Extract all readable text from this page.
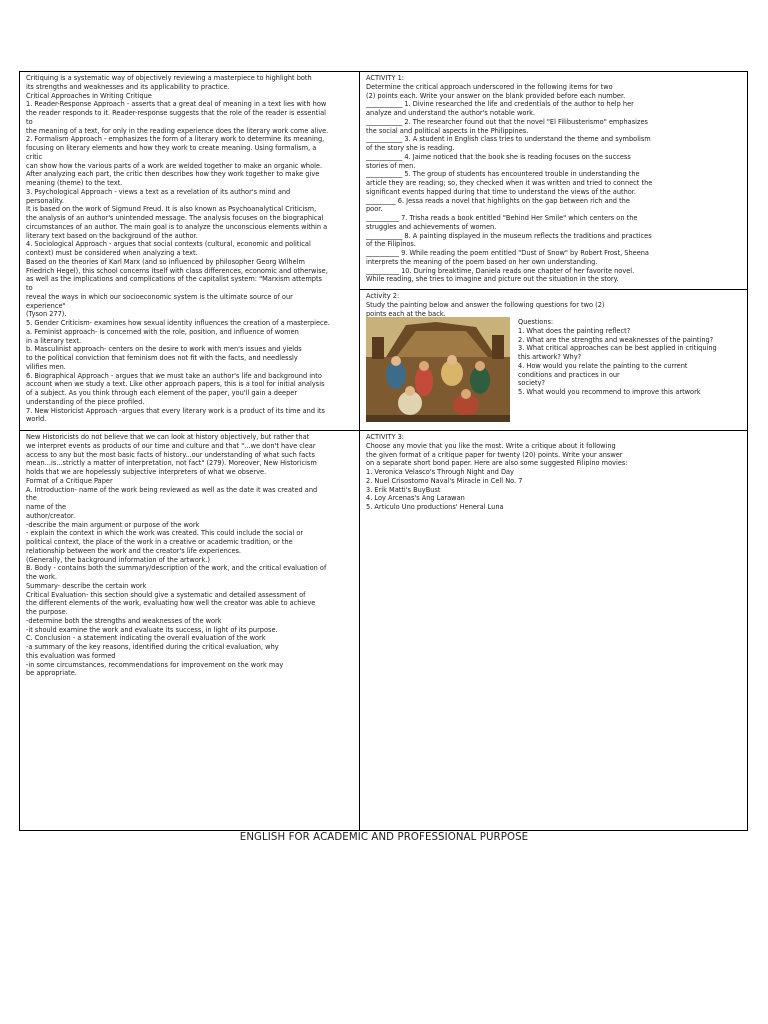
Critiquing is a systematic way of objectively reviewing a masterpiece to highlight both
its strengths and weaknesses and its applicability to practice.
Critical Approaches in Writing Critique
1. Reader-Response Approach - asserts that a great deal of meaning in a text lies with how
the reader responds to it. Reader-response suggests that the role of the reader is essential
to
the meaning of a text, for only in the reading experience does the literary work come alive.
2. Formalism Approach - emphasizes the form of a literary work to determine its meaning,
focusing on literary elements and how they work to create meaning. Using formalism, a
critic
can show how the various parts of a work are welded together to make an organic whole.
After analyzing each part, the critic then describes how they work together to make give
meaning (theme) to the text.
3. Psychological Approach - views a text as a revelation of its author's mind and
personality.
It is based on the work of Sigmund Freud. It is also known as Psychoanalytical Criticism,
the analysis of an author's unintended message. The analysis focuses on the biographical
circumstances of an author. The main goal is to analyze the unconscious elements within a
literary text based on the background of the author.
4. Sociological Approach - argues that social contexts (cultural, economic and political
context) must be considered when analyzing a text.
Based on the theories of Karl Marx (and so influenced by philosopher Georg Wilhelm
Friedrich Hegel), this school concerns itself with class differences, economic and otherwise,
as well as the implications and complications of the capitalist system: "Marxism attempts
to
reveal the ways in which our socioeconomic system is the ultimate source of our
experience"
(Tyson 277).
5. Gender Criticism- examines how sexual identity influences the creation of a masterpiece.
a. Feminist approach- is concerned with the role, position, and influence of women
in a literary text.
b. Masculinist approach- centers on the desire to work with men's issues and yields
to the political conviction that feminism does not fit with the facts, and needlessly
vilifies men.
6. Biographical Approach - argues that we must take an author's life and background into
account when we study a text. Like other approach papers, this is a tool for initial analysis
of a subject. As you think through each element of the paper, you'll gain a deeper
understanding of the piece profiled.
7. New Historicist Approach -argues that every literary work is a product of its time and its
world.
ACTIVITY 1:
Determine the critical approach underscored in the following items for two
(2) points each. Write your answer on the blank provided before each number.
___________ 1. Divine researched the life and credentials of the author to help her
analyze and understand the author's notable work.
___________ 2. The researcher found out that the novel "El Filibusterismo" emphasizes
the social and political aspects in the Philippines.
___________ 3. A student in English class tries to understand the theme and symbolism
of the story she is reading.
___________ 4. Jaime noticed that the book she is reading focuses on the success
stories of men.
___________ 5. The group of students has encountered trouble in understanding the
article they are reading; so, they checked when it was written and tried to connect the
significant events happed during that time to understand the views of the author.
_________ 6. Jessa reads a novel that highlights on the gap between rich and the
poor.
__________ 7. Trisha reads a book entitled "Behind Her Smile" which centers on the
struggles and achievements of women.
___________ 8. A painting displayed in the museum reflects the traditions and practices
of the Filipinos.
__________ 9. While reading the poem entitled "Dust of Snow" by Robert Frost, Sheena
interprets the meaning of the poem based on her own understanding.
__________ 10. During breaktime, Daniela reads one chapter of her favorite novel.
While reading, she tries to imagine and picture out the situation in the story.
Activity 2:
Study the painting below and answer the following questions for two (2)
points each at the back.
Questions:
1. What does the painting reflect?
2. What are the strengths and weaknesses of the painting?
3. What critical approaches can be best applied in critiquing
this artwork? Why?
4. How would you relate the painting to the current
conditions and practices in our
society?
5. What would you recommend to improve this artwork
New Historicists do not believe that we can look at history objectively, but rather that
we interpret events as products of our time and culture and that "...we don't have clear
access to any but the most basic facts of history...our understanding of what such facts
mean...is...strictly a matter of interpretation, not fact" (279). Moreover, New Historicism
holds that we are hopelessly subjective interpreters of what we observe.
Format of a Critique Paper
A. Introduction- name of the work being reviewed as well as the date it was created and
the
name of the
author/creator.
-describe the main argument or purpose of the work
- explain the context in which the work was created. This could include the social or
political context, the place of the work in a creative or academic tradition, or the
relationship between the work and the creator's life experiences.
(Generally, the background information of the artwork.)
B. Body - contains both the summary/description of the work, and the critical evaluation of
the work.
Summary- describe the certain work
Critical Evaluation- this section should give a systematic and detailed assessment of
the different elements of the work, evaluating how well the creator was able to achieve
the purpose.
-determine both the strengths and weaknesses of the work
-it should examine the work and evaluate its success, in light of its purpose.
C. Conclusion - a statement indicating the overall evaluation of the work
-a summary of the key reasons, identified during the critical evaluation, why
this evaluation was formed
-in some circumstances, recommendations for improvement on the work may
be appropriate.
ACTIVITY 3:
Choose any movie that you like the most. Write a critique about it following
the given format of a critique paper for twenty (20) points. Write your answer
on a separate short bond paper. Here are also some suggested Filipino movies:
1. Veronica Velasco's Through Night and Day
2. Nuel Crisostomo Naval's Miracle in Cell No. 7
3. Erik Matti's BuyBust
4. Loy Arcenas's Ang Larawan
5. Articulo Uno productions' Heneral Luna
ENGLISH FOR ACADEMIC AND PROFESSIONAL PURPOSE
